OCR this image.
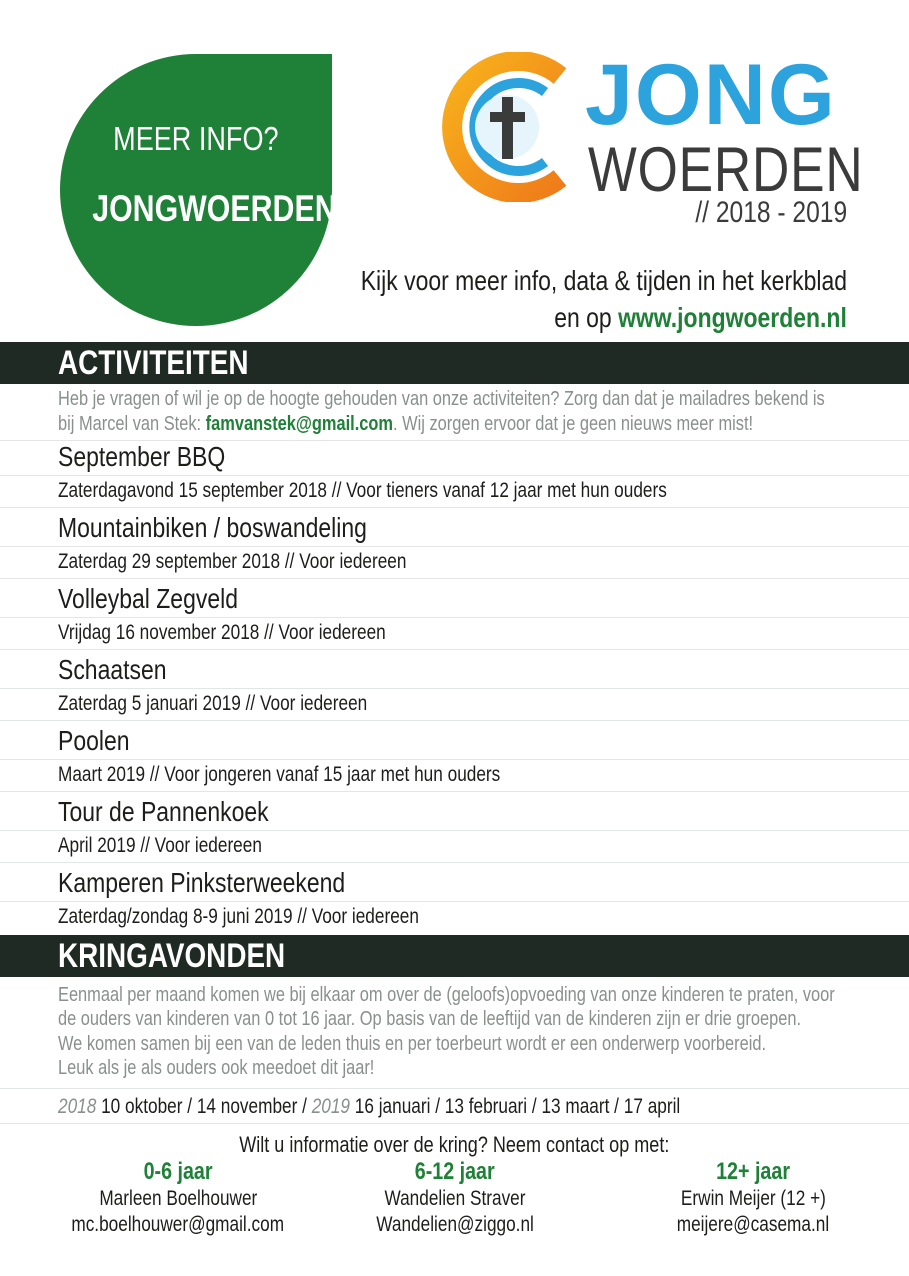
MEER INFO?
JONGWOERDEN.NL
JONG
WOERDEN
// 2018 - 2019
Kijk voor meer info, data & tijden in het kerkblad
en op www.jongwoerden.nl
ACTIVITEITEN
Heb je vragen of wil je op de hoogte gehouden van onze activiteiten? Zorg dan dat je mailadres bekend is
bij Marcel van Stek: famvanstek@gmail.com. Wij zorgen ervoor dat je geen nieuws meer mist!
September BBQ
Zaterdagavond 15 september 2018 // Voor tieners vanaf 12 jaar met hun ouders
Mountainbiken / boswandeling
Zaterdag 29 september 2018 // Voor iedereen
Volleybal Zegveld
Vrijdag 16 november 2018 // Voor iedereen
Schaatsen
Zaterdag 5 januari 2019 // Voor iedereen
Poolen
Maart 2019 // Voor jongeren vanaf 15 jaar met hun ouders
Tour de Pannenkoek
April 2019 // Voor iedereen
Kamperen Pinksterweekend
Zaterdag/zondag 8-9 juni 2019 // Voor iedereen
KRINGAVONDEN
Eenmaal per maand komen we bij elkaar om over de (geloofs)opvoeding van onze kinderen te praten, voor
de ouders van kinderen van 0 tot 16 jaar. Op basis van de leeftijd van de kinderen zijn er drie groepen.
We komen samen bij een van de leden thuis en per toerbeurt wordt er een onderwerp voorbereid.
Leuk als je als ouders ook meedoet dit jaar!
2018 10 oktober / 14 november / 2019 16 januari / 13 februari / 13 maart / 17 april
Wilt u informatie over de kring? Neem contact op met:
0-6 jaar
Marleen Boelhouwer
mc.boelhouwer@gmail.com
6-12 jaar
Wandelien Straver
Wandelien@ziggo.nl
12+ jaar
Erwin Meijer (12 +)
meijere@casema.nl
